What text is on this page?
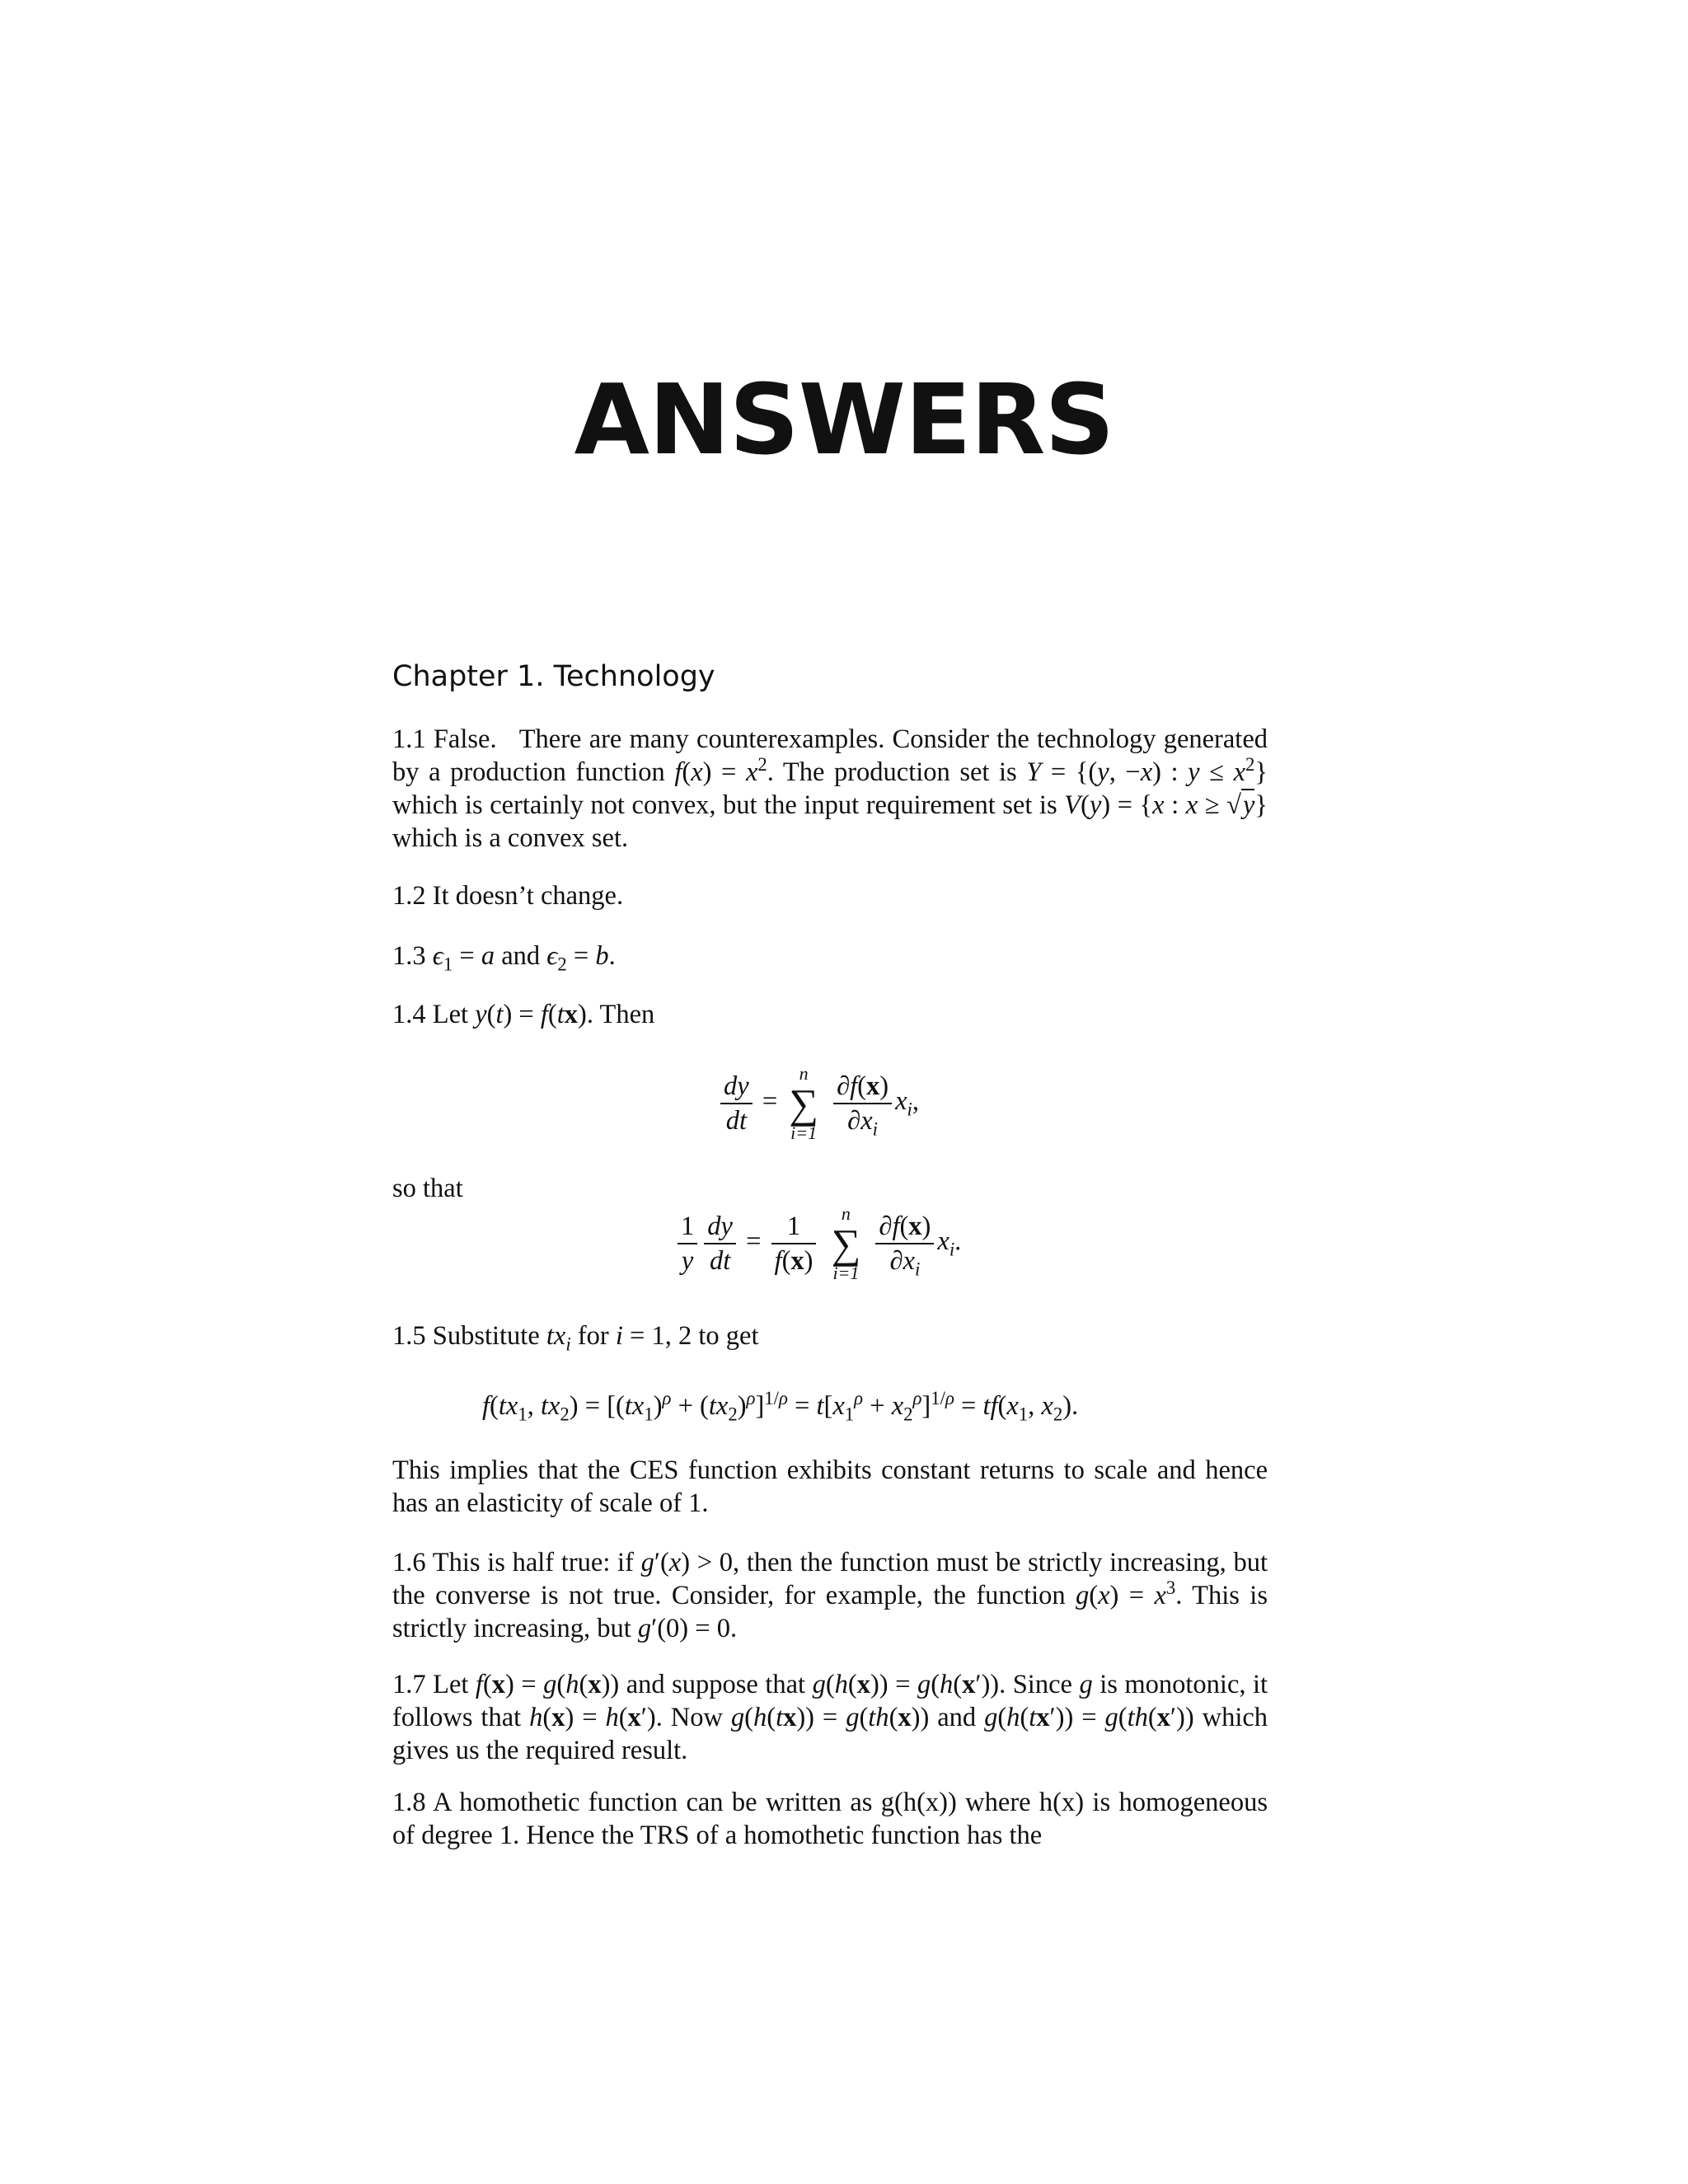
ANSWERS
Chapter 1. Technology
1.1 False. There are many counterexamples. Consider the technology generated by a production function $f(x) = x^2$. The production set is Y = {(y, −x) : $y \le x^2$} which is certainly not convex, but the input requirement set is V(y) = {x : x ≥ √y} which is a convex set.
1.2 It doesn’t change.
1.3 $\epsilon_1 = a$ and $\epsilon_2 = b$.
1.4 Let y(t) = f(tx). Then
$\frac{dy}{dt}$ =
n
∑
i=1
$\frac{\partial f(x)}{\partial x_i} x_i$,
so that
$\frac{1}{y} \frac{dy}{dt} = \frac{1}{f(x)}$
	n
∑
i=1
$\frac{\partial f(x)}{\partial x_i} x_i$.
1.5 Substitute $tx_i$ for i = 1, 2 to get
$f(tx_1$, $tx_2) = [(tx_1)^\rho + (tx_2)^\rho]^{1/\rho} = t[x_1^\rho + x_2^\rho]^{1/\rho} = tf(x_1$, $x_2$).
This implies that the CES function exhibits constant returns to scale and hence has an elasticity of scale of 1.
1.6 This is half true: if g′(x) > 0, then the function must be strictly increasing, but the converse is not true. Consider, for example, the function $g(x) = x^3$. This is strictly increasing, but g′(0) = 0.
1.7 Let f(x) = g(h(x)) and suppose that g(h(x)) = g(h(x′)). Since g is monotonic, it follows that h(x) = h(x′). Now g(h(tx)) = g(th(x)) and g(h(tx′)) = g(th(x′)) which gives us the required result.
1.8 A homothetic function can be written as g(h(x)) where h(x) is homogeneous of degree 1. Hence the TRS of a homothetic function has the
